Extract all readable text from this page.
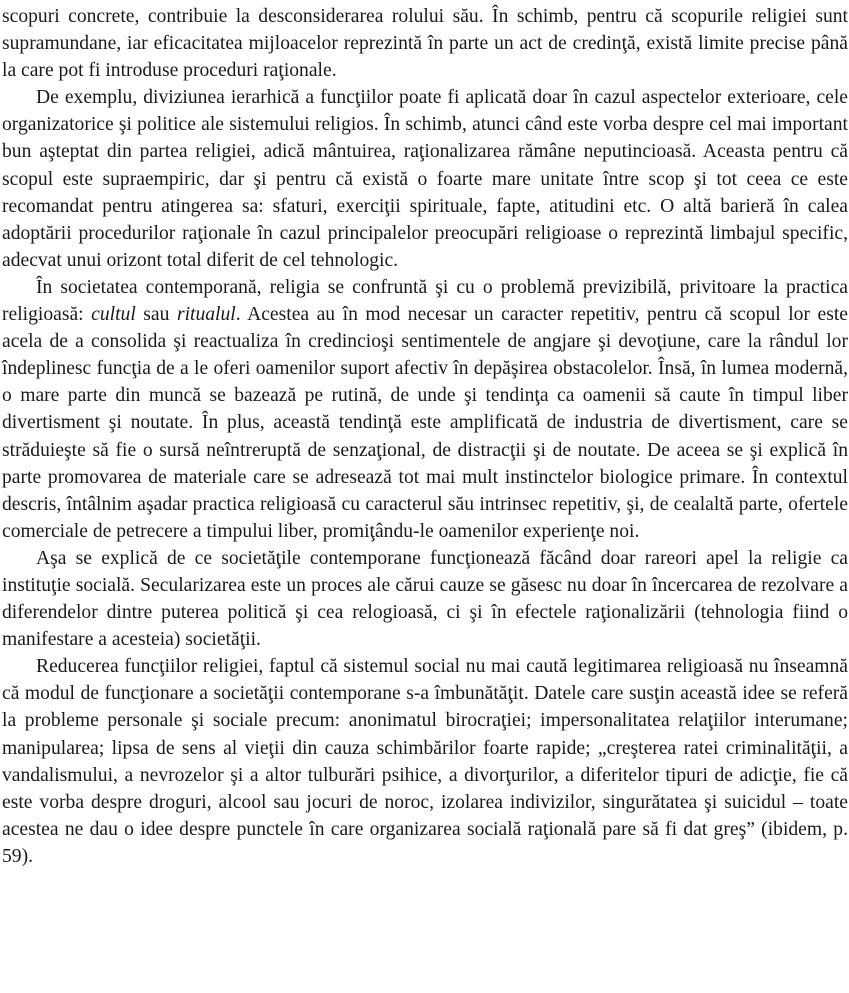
scopuri concrete, contribuie la desconsiderarea rolului său. În schimb, pentru că scopurile religiei sunt supramundane, iar eficacitatea mijloacelor reprezintă în parte un act de credinţă, există limite precise până la care pot fi introduse proceduri raţionale.

De exemplu, diviziunea ierarhică a funcţiilor poate fi aplicată doar în cazul aspectelor exterioare, cele organizatorice şi politice ale sistemului religios. În schimb, atunci când este vorba despre cel mai important bun aşteptat din partea religiei, adică mântuirea, raţionalizarea rămâne neputincioasă. Aceasta pentru că scopul este supraempiric, dar şi pentru că există o foarte mare unitate între scop şi tot ceea ce este recomandat pentru atingerea sa: sfaturi, exerciţii spirituale, fapte, atitudini etc. O altă barieră în calea adoptării procedurilor raţionale în cazul principalelor preocupări religioase o reprezintă limbajul specific, adecvat unui orizont total diferit de cel tehnologic.

În societatea contemporană, religia se confruntă şi cu o problemă previzibilă, privitoare la practica religioasă: cultul sau ritualul. Acestea au în mod necesar un caracter repetitiv, pentru că scopul lor este acela de a consolida şi reactualiza în credincioşi sentimentele de angjare şi devoţiune, care la rândul lor îndeplinesc funcţia de a le oferi oamenilor suport afectiv în depăşirea obstacolelor. Însă, în lumea modernă, o mare parte din muncă se bazează pe rutină, de unde şi tendinţa ca oamenii să caute în timpul liber divertisment şi noutate. În plus, această tendinţă este amplificată de industria de divertisment, care se străduieşte să fie o sursă neîntreruptă de senzaţional, de distracţii şi de noutate. De aceea se şi explică în parte promovarea de materiale care se adresează tot mai mult instinctelor biologice primare. În contextul descris, întâlnim aşadar practica religioasă cu caracterul său intrinsec repetitiv, şi, de cealaltă parte, ofertele comerciale de petrecere a timpului liber, promiţându-le oamenilor experienţe noi.

Aşa se explică de ce societăţile contemporane funcţionează făcând doar rareori apel la religie ca instituţie socială. Secularizarea este un proces ale cărui cauze se găsesc nu doar în încercarea de rezolvare a diferendelor dintre puterea politică şi cea relogioasă, ci şi în efectele raţionalizării (tehnologia fiind o manifestare a acesteia) societăţii.

Reducerea funcţiilor religiei, faptul că sistemul social nu mai caută legitimarea religioasă nu înseamnă că modul de funcţionare a societăţii contemporane s-a îmbunătăţit. Datele care susţin această idee se referă la probleme personale şi sociale precum: anonimatul birocraţiei; impersonalitatea relaţiilor interumane; manipularea; lipsa de sens al vieţii din cauza schimbărilor foarte rapide; „creşterea ratei criminalităţii, a vandalismului, a nevrozelor şi a altor tulburări psihice, a divorţurilor, a diferitelor tipuri de adicţie, fie că este vorba despre droguri, alcool sau jocuri de noroc, izolarea indivizilor, singurătatea şi suicidul – toate acestea ne dau o idee despre punctele în care organizarea socială raţională pare să fi dat greş” (ibidem, p. 59).
